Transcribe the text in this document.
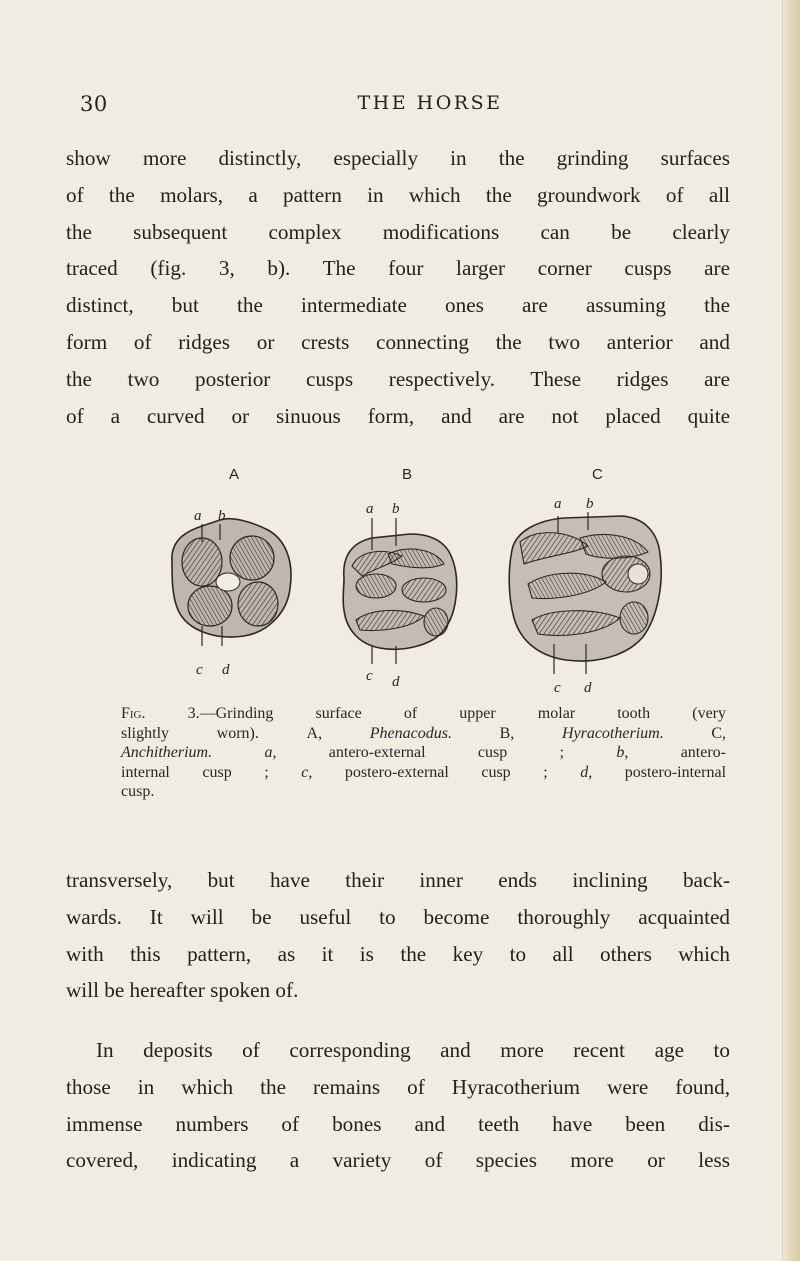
30	THE HORSE

show more distinctly, especially in the grinding surfaces
of the molars, a pattern in which the groundwork of all
the subsequent complex modifications can be clearly
traced (fig. 3, b). The four larger corner cusps are
distinct, but the intermediate ones are assuming the
form of ridges or crests connecting the two anterior and
the two posterior cusps respectively. These ridges are
of a curved or sinuous form, and are not placed quite

A	B	C
a b
c d
a b
c d
a b
c d
Fig. 3.—Grinding surface of upper molar tooth (very
slightly worn). A, Phenacodus.	B, Hyracotherium.	C,
Anchitherium.	a, antero-external cusp ;	b, antero-
internal cusp ; c, postero-external cusp ; d, postero-internal
cusp.

transversely, but have their inner ends inclining back-
wards. It will be useful to become thoroughly acquainted
with this pattern, as it is the key to all others which
will be hereafter spoken of.

In deposits of corresponding and more recent age to
those in which the remains of Hyracotherium were found,
immense numbers of bones and teeth have been dis-
covered, indicating a variety of species more or less
